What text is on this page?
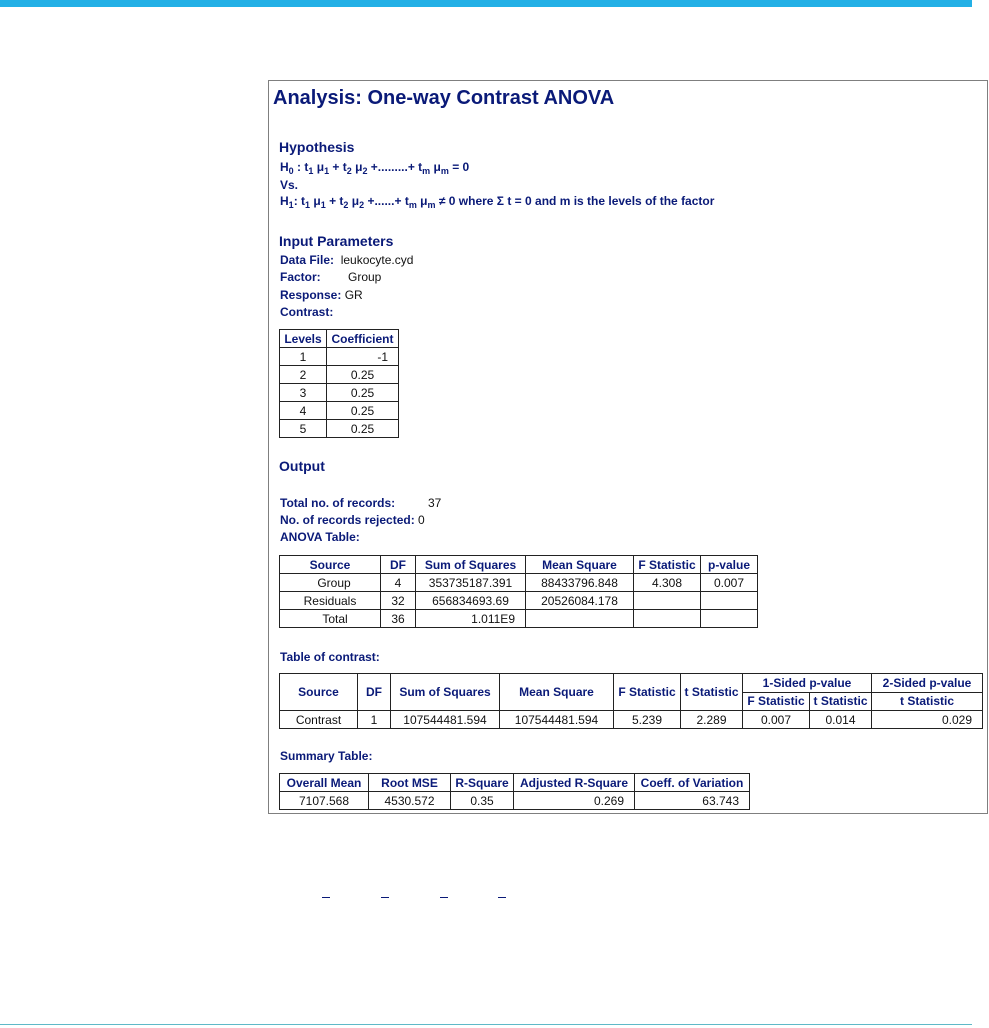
Analysis: One-way Contrast ANOVA
Hypothesis
$H_0$ : $t_1$ $\mu_1 + t_2$ $\mu_2$ +.........+ $t_m$ $\mu_m = 0$
Vs.
$H_1$: $t_1$ $\mu_1 + t_2$ $\mu_2$ +......+ $t_m$ $\mu_m \ne 0$ where Σ t = 0 and m is the levels of the factor
Input Parameters
Data File: leukocyte.cyd
Factor: Group
Response: GR
Contrast:
Levels	Coefficient
1	-1
2	0.25
3	0.25
4	0.25
5	0.25
Output
Total no. of records:	37
No. of records rejected: 0
ANOVA Table:
Source	DF	Sum of Squares	Mean Square	F Statistic	p-value
Group	4	353735187.391	88433796.848	4.308	0.007
Residuals	32	656834693.69	20526084.178		
Total	36	1.011E9			
Table of contrast:
Source	DF	Sum of Squares	Mean Square	F Statistic	t Statistic	1-Sided p-value		2-Sided p-value
						F Statistic	t Statistic	t Statistic
Contrast	1	107544481.594	107544481.594	5.239	2.289	0.007	0.014	0.029
Summary Table:
Overall Mean	Root MSE	R-Square	Adjusted R-Square	Coeff. of Variation
7107.568	4530.572	0.35	0.269	63.743
